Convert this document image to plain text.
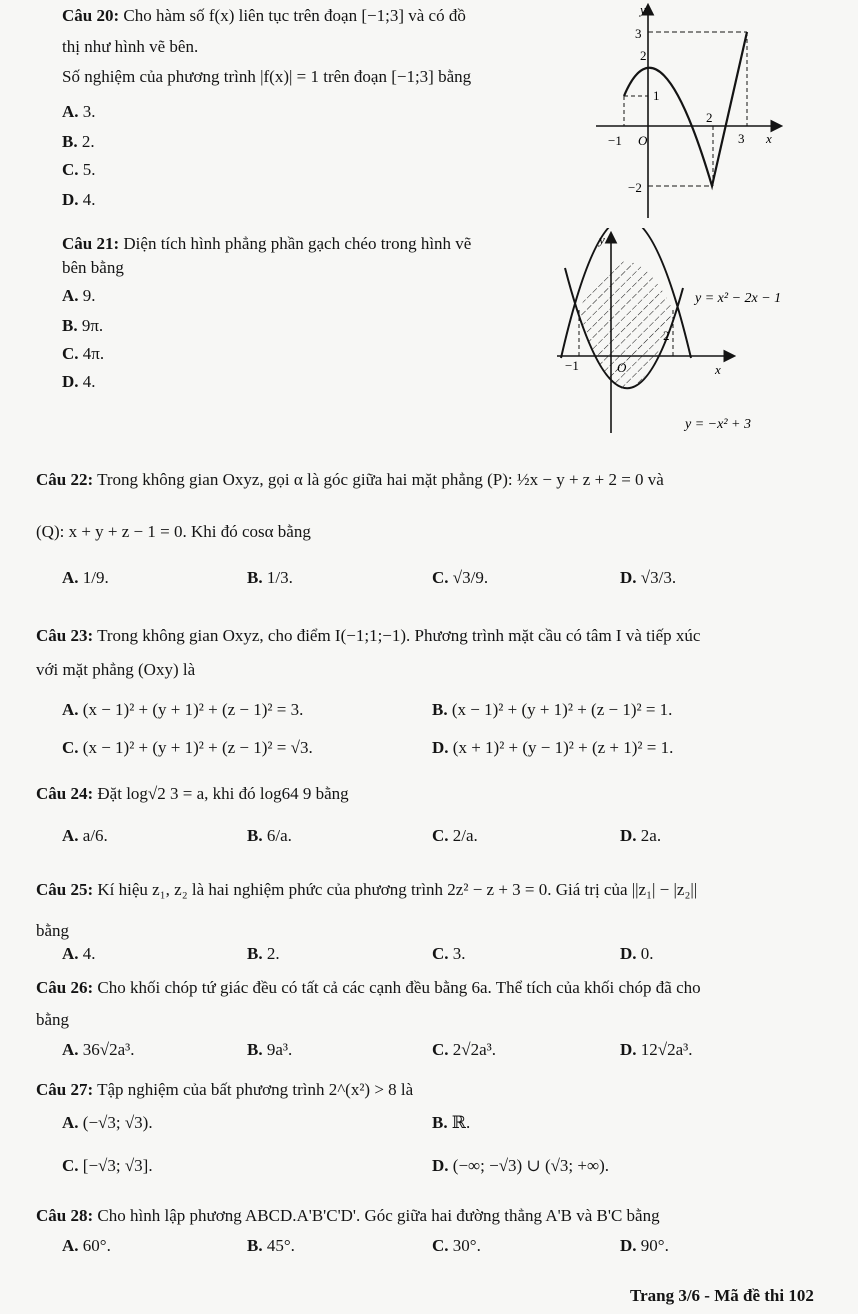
Câu 20: Cho hàm số f(x) liên tục trên đoạn [−1;3] và có đồ
thị như hình vẽ bên.
Số nghiệm của phương trình |f(x)| = 1 trên đoạn [−1;3] bằng
A. 3.
B. 2.
C. 5.
D. 4.
y
3
2
1
−1 O
2
3 x
−2
Câu 21: Diện tích hình phẳng phần gạch chéo trong hình vẽ
bên bằng
A. 9.
B. 9π.
C. 4π.
D. 4.
y
y = x² − 2x − 1
2
−1	O	x
y = −x² + 3
Câu 22: Trong không gian Oxyz, gọi α là góc giữa hai mặt phẳng (P): ½x − y + z + 2 = 0 và
(Q): x + y + z − 1 = 0. Khi đó cosα bằng
A. 1/9.	B. 1/3.	C. √3/9.	D. √3/3.
Câu 23: Trong không gian Oxyz, cho điểm I(−1;1;−1). Phương trình mặt cầu có tâm I và tiếp xúc
với mặt phẳng (Oxy) là
A. (x − 1)² + (y + 1)² + (z − 1)² = 3.	B. (x − 1)² + (y + 1)² + (z − 1)² = 1.
C. (x − 1)² + (y + 1)² + (z − 1)² = √3.	D. (x + 1)² + (y − 1)² + (z + 1)² = 1.
Câu 24: Đặt log√2 3 = a, khi đó log64 9 bằng
A. a/6.	B. 6/a.	C. 2/a.	D. 2a.
Câu 25: Kí hiệu z₁, z₂ là hai nghiệm phức của phương trình 2z² − z + 3 = 0. Giá trị của ||z₁| − |z₂||
bằng
A. 4.	B. 2.	C. 3.	D. 0.
Câu 26: Cho khối chóp tứ giác đều có tất cả các cạnh đều bằng 6a. Thể tích của khối chóp đã cho
bằng
A. 36√2a³.	B. 9a³.	C. 2√2a³.	D. 12√2a³.
Câu 27: Tập nghiệm của bất phương trình 2^(x²) > 8 là
A. (−√3; √3).	B. ℝ.
C. [−√3; √3].	D. (−∞; −√3) ∪ (√3; +∞).
Câu 28: Cho hình lập phương ABCD.A'B'C'D'. Góc giữa hai đường thẳng A'B và B'C bằng
A. 60°.	B. 45°.	C. 30°.	D. 90°.
Trang 3/6 - Mã đề thi 102
